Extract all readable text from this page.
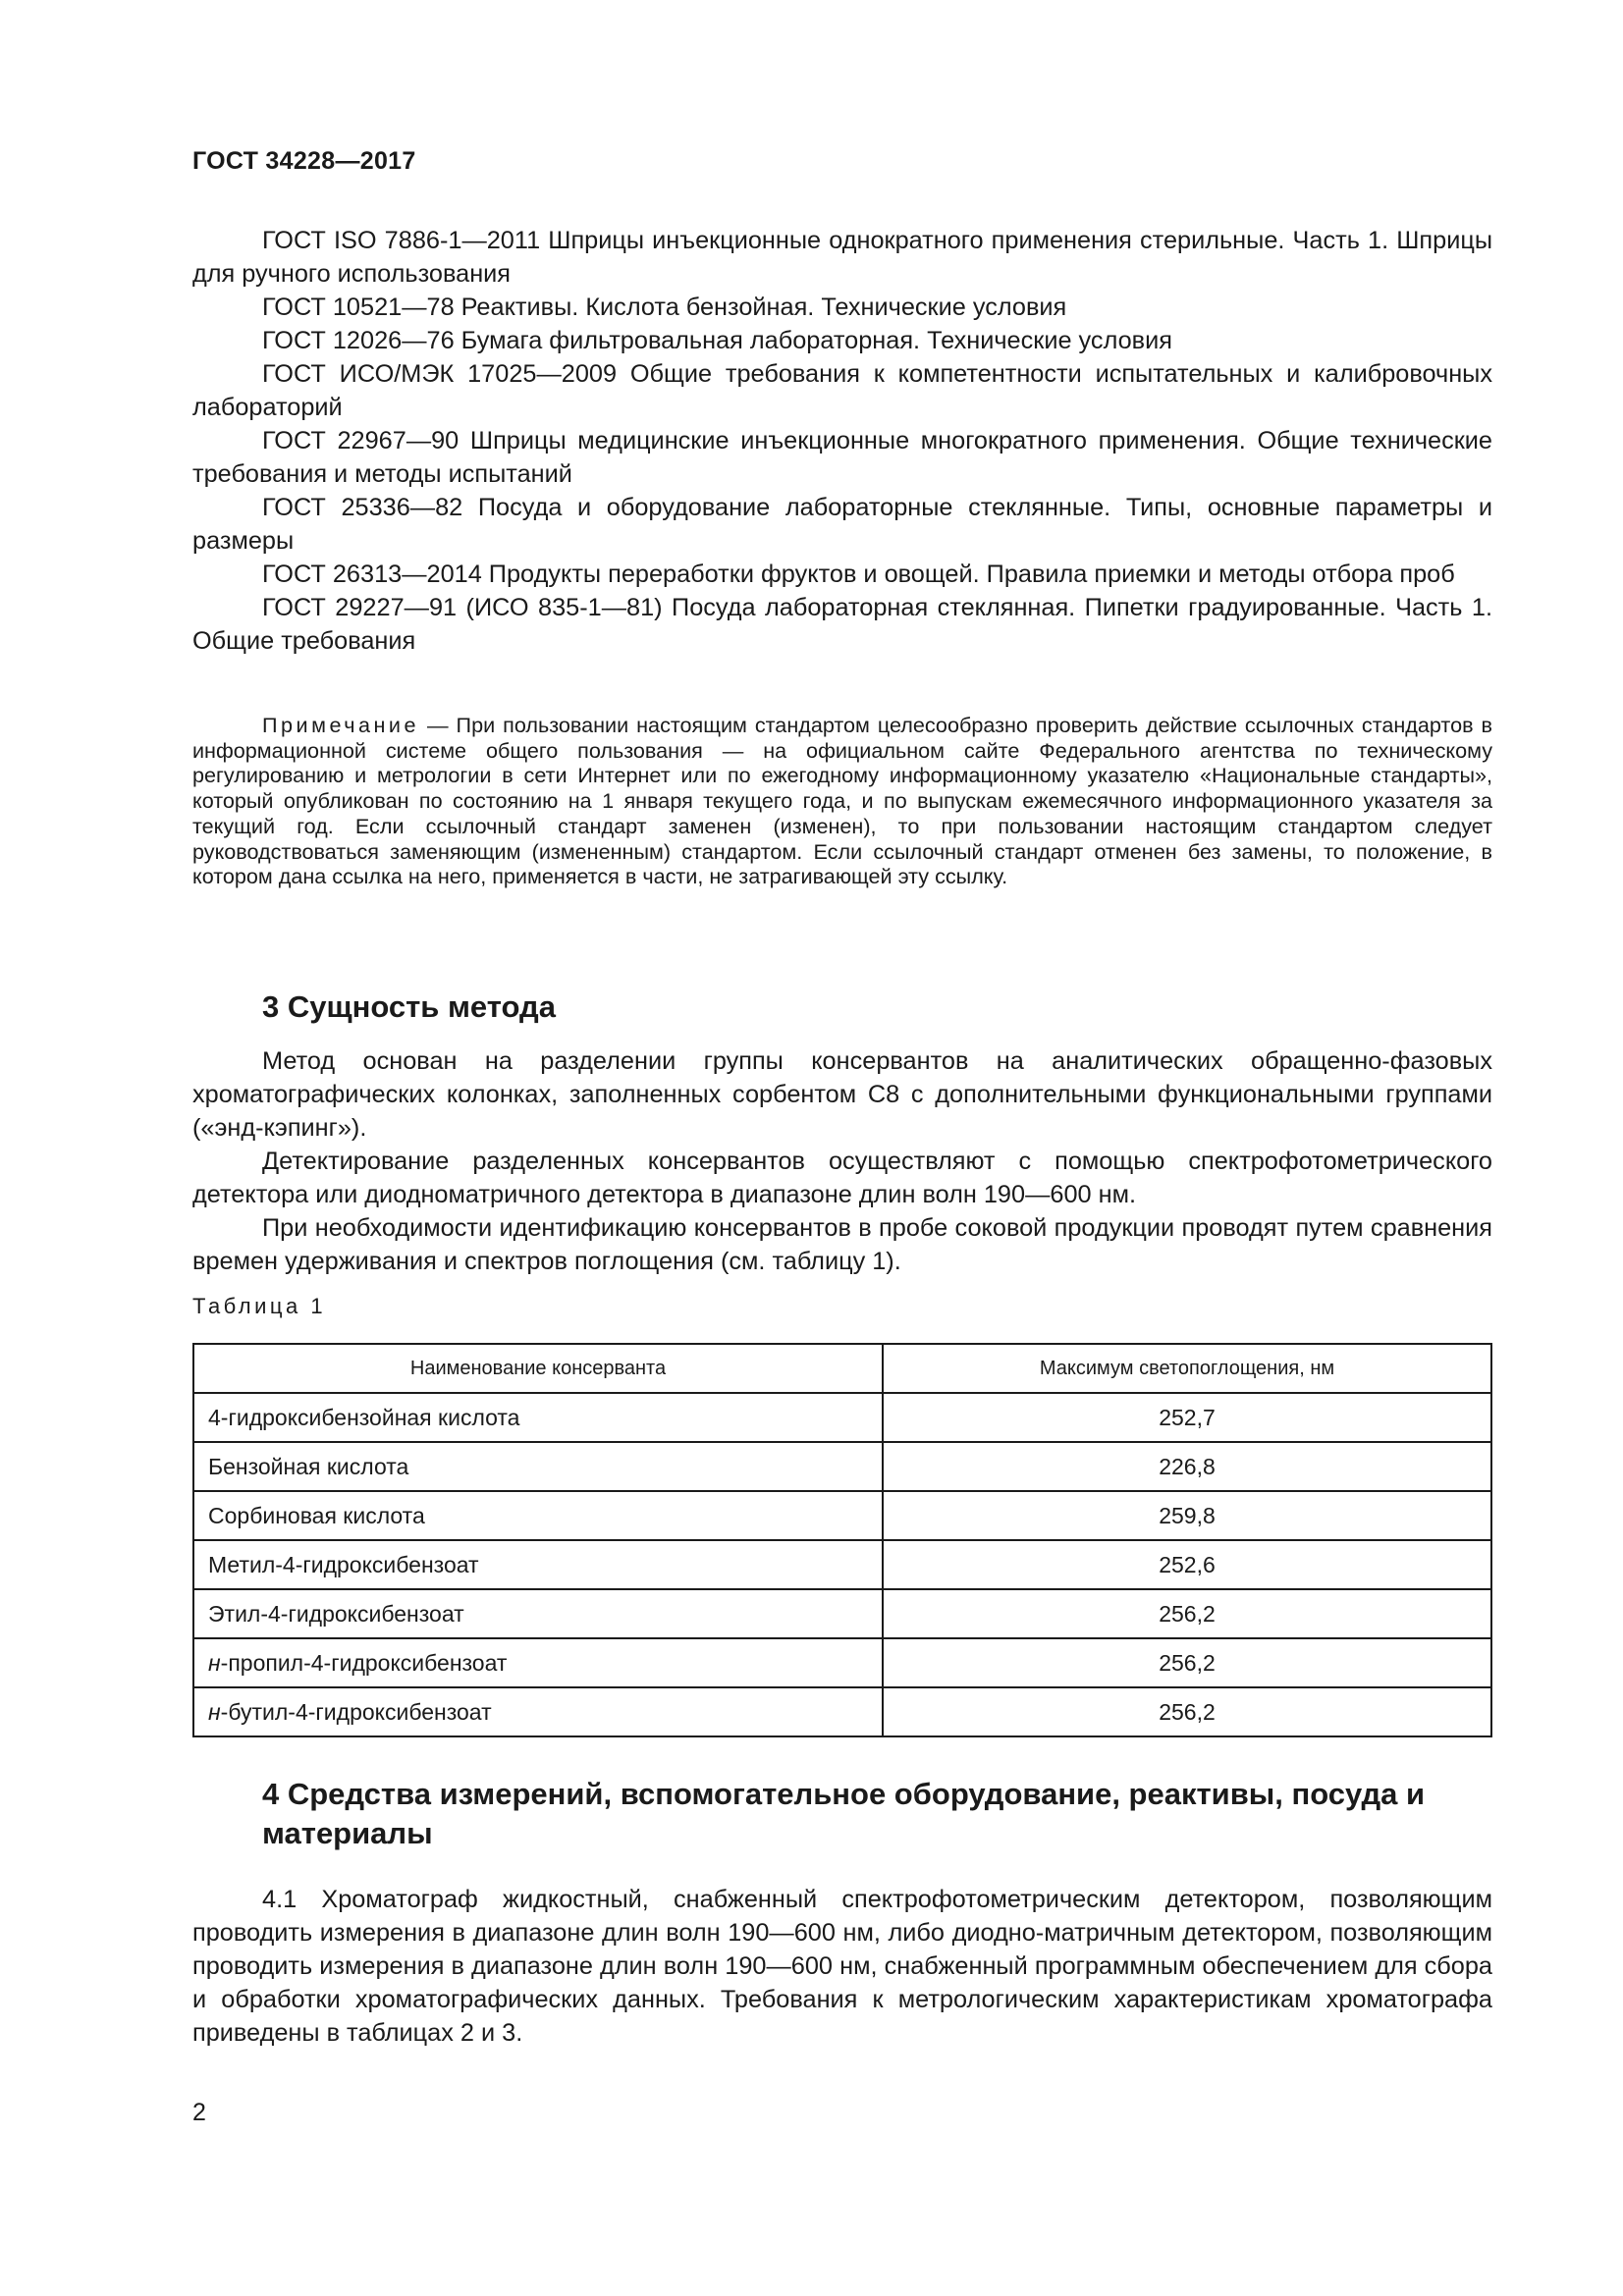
ГОСТ 34228—2017

ГОСТ ISO 7886-1—2011 Шприцы инъекционные однократного применения стерильные. Часть 1. Шприцы для ручного использования

ГОСТ 10521—78 Реактивы. Кислота бензойная. Технические условия

ГОСТ 12026—76 Бумага фильтровальная лабораторная. Технические условия

ГОСТ ИСО/МЭК 17025—2009 Общие требования к компетентности испытательных и калибровочных лабораторий

ГОСТ 22967—90 Шприцы медицинские инъекционные многократного применения. Общие технические требования и методы испытаний

ГОСТ 25336—82 Посуда и оборудование лабораторные стеклянные. Типы, основные параметры и размеры

ГОСТ 26313—2014 Продукты переработки фруктов и овощей. Правила приемки и методы отбора проб

ГОСТ 29227—91 (ИСО 835-1—81) Посуда лабораторная стеклянная. Пипетки градуированные. Часть 1. Общие требования

Примечание — При пользовании настоящим стандартом целесообразно проверить действие ссылочных стандартов в информационной системе общего пользования — на официальном сайте Федерального агентства по техническому регулированию и метрологии в сети Интернет или по ежегодному информационному указателю «Национальные стандарты», который опубликован по состоянию на 1 января текущего года, и по выпускам ежемесячного информационного указателя за текущий год. Если ссылочный стандарт заменен (изменен), то при пользовании настоящим стандартом следует руководствоваться заменяющим (измененным) стандартом. Если ссылочный стандарт отменен без замены, то положение, в котором дана ссылка на него, применяется в части, не затрагивающей эту ссылку.
3 Сущность метода

Метод основан на разделении группы консервантов на аналитических обращенно-фазовых хроматографических колонках, заполненных сорбентом С8 с дополнительными функциональными группами («энд-кэпинг»).

Детектирование разделенных консервантов осуществляют с помощью спектрофотометрического детектора или диодноматричного детектора в диапазоне длин волн 190—600 нм.

При необходимости идентификацию консервантов в пробе соковой продукции проводят путем сравнения времен удерживания и спектров поглощения (см. таблицу 1).

Таблица 1
Наименование консерванта	Максимум светопоглощения, нм
4-гидроксибензойная кислота	252,7
Бензойная кислота	226,8
Сорбиновая кислота	259,8
Метил-4-гидроксибензоат	252,6
Этил-4-гидроксибензоат	256,2
н-пропил-4-гидроксибензоат	256,2
н-бутил-4-гидроксибензоат	256,2
4 Средства измерений, вспомогательное оборудование, реактивы, посуда и материалы
4.1 Хроматограф жидкостный, снабженный спектрофотометрическим детектором, позволяющим проводить измерения в диапазоне длин волн 190—600 нм, либо диодно-матричным детектором, позволяющим проводить измерения в диапазоне длин волн 190—600 нм, снабженный программным обеспечением для сбора и обработки хроматографических данных. Требования к метрологическим характеристикам хроматографа приведены в таблицах 2 и 3.
2
